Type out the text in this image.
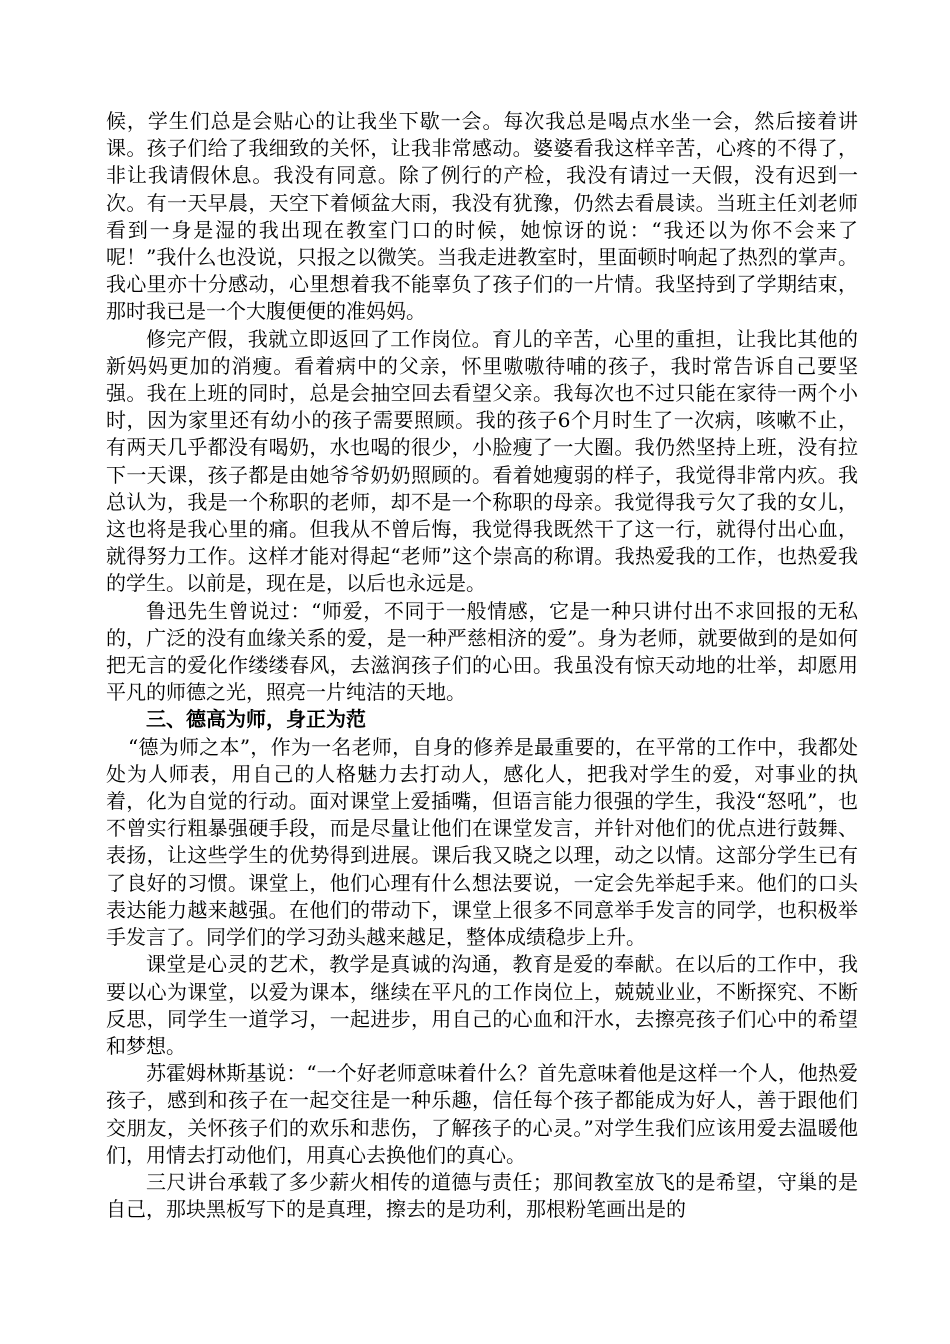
候，学生们总是会贴心的让我坐下歇一会。每次我总是喝点水坐一会，然后接着讲课。孩子们给了我细致的关怀，让我非常感动。婆婆看我这样辛苦，心疼的不得了，非让我请假休息。我没有同意。除了例行的产检，我没有请过一天假，没有迟到一次。有一天早晨，天空下着倾盆大雨，我没有犹豫，仍然去看晨读。当班主任刘老师看到一身是湿的我出现在教室门口的时候，她惊讶的说：“我还以为你不会来了呢！”我什么也没说，只报之以微笑。当我走进教室时，里面顿时响起了热烈的掌声。我心里亦十分感动，心里想着我不能辜负了孩子们的一片情。我坚持到了学期结束，那时我已是一个大腹便便的准妈妈。

修完产假，我就立即返回了工作岗位。育儿的辛苦，心里的重担，让我比其他的新妈妈更加的消瘦。看着病中的父亲，怀里嗷嗷待哺的孩子，我时常告诉自己要坚强。我在上班的同时，总是会抽空回去看望父亲。我每次也不过只能在家待一两个小时，因为家里还有幼小的孩子需要照顾。我的孩子6个月时生了一次病，咳嗽不止，有两天几乎都没有喝奶，水也喝的很少，小脸瘦了一大圈。我仍然坚持上班，没有拉下一天课，孩子都是由她爷爷奶奶照顾的。看着她瘦弱的样子，我觉得非常内疚。我总认为，我是一个称职的老师，却不是一个称职的母亲。我觉得我亏欠了我的女儿，这也将是我心里的痛。但我从不曾后悔，我觉得我既然干了这一行，就得付出心血，就得努力工作。这样才能对得起“老师”这个崇高的称谓。我热爱我的工作，也热爱我的学生。以前是，现在是，以后也永远是。

鲁迅先生曾说过：“师爱，不同于一般情感，它是一种只讲付出不求回报的无私的，广泛的没有血缘关系的爱，是一种严慈相济的爱”。身为老师，就要做到的是如何把无言的爱化作缕缕春风，去滋润孩子们的心田。我虽没有惊天动地的壮举，却愿用平凡的师德之光，照亮一片纯洁的天地。

三、德高为师，身正为范

“德为师之本”，作为一名老师，自身的修养是最重要的，在平常的工作中，我都处处为人师表，用自己的人格魅力去打动人，感化人，把我对学生的爱，对事业的执着，化为自觉的行动。面对课堂上爱插嘴，但语言能力很强的学生，我没“怒吼”，也不曾实行粗暴强硬手段，而是尽量让他们在课堂发言，并针对他们的优点进行鼓舞、表扬，让这些学生的优势得到进展。课后我又晓之以理，动之以情。这部分学生已有了良好的习惯。课堂上，他们心理有什么想法要说，一定会先举起手来。他们的口头表达能力越来越强。在他们的带动下，课堂上很多不同意举手发言的同学，也积极举手发言了。同学们的学习劲头越来越足，整体成绩稳步上升。

课堂是心灵的艺术，教学是真诚的沟通，教育是爱的奉献。在以后的工作中，我要以心为课堂，以爱为课本，继续在平凡的工作岗位上，兢兢业业，不断探究、不断反思，同学生一道学习，一起进步，用自己的心血和汗水，去擦亮孩子们心中的希望和梦想。

苏霍姆林斯基说：“一个好老师意味着什么？首先意味着他是这样一个人，他热爱孩子，感到和孩子在一起交往是一种乐趣，信任每个孩子都能成为好人，善于跟他们交朋友，关怀孩子们的欢乐和悲伤，了解孩子的心灵。”对学生我们应该用爱去温暖他们，用情去打动他们，用真心去换他们的真心。

三尺讲台承载了多少薪火相传的道德与责任；那间教室放飞的是希望，守巢的是自己，那块黑板写下的是真理，擦去的是功利，那根粉笔画出是的
